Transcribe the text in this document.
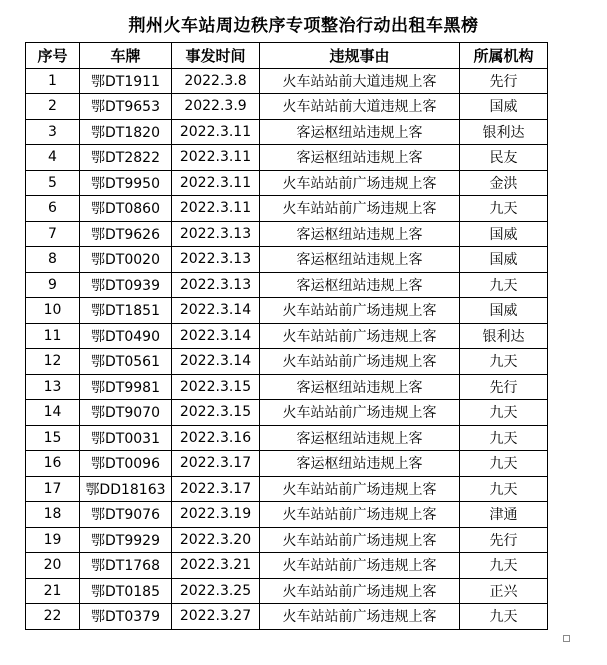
荆州火车站周边秩序专项整治行动出租车黑榜
序号	车牌	事发时间	违规事由	所属机构
1	鄂DT1911	2022.3.8	火车站站前大道违规上客	先行
2	鄂DT9653	2022.3.9	火车站站前大道违规上客	国威
3	鄂DT1820	2022.3.11	客运枢纽站违规上客	银利达
4	鄂DT2822	2022.3.11	客运枢纽站违规上客	民友
5	鄂DT9950	2022.3.11	火车站站前广场违规上客	金洪
6	鄂DT0860	2022.3.11	火车站站前广场违规上客	九天
7	鄂DT9626	2022.3.13	客运枢纽站违规上客	国威
8	鄂DT0020	2022.3.13	客运枢纽站违规上客	国威
9	鄂DT0939	2022.3.13	客运枢纽站违规上客	九天
10	鄂DT1851	2022.3.14	火车站站前广场违规上客	国威
11	鄂DT0490	2022.3.14	火车站站前广场违规上客	银利达
12	鄂DT0561	2022.3.14	火车站站前广场违规上客	九天
13	鄂DT9981	2022.3.15	客运枢纽站违规上客	先行
14	鄂DT9070	2022.3.15	火车站站前广场违规上客	九天
15	鄂DT0031	2022.3.16	客运枢纽站违规上客	九天
16	鄂DT0096	2022.3.17	客运枢纽站违规上客	九天
17	鄂DD18163	2022.3.17	火车站站前广场违规上客	九天
18	鄂DT9076	2022.3.19	火车站站前广场违规上客	津通
19	鄂DT9929	2022.3.20	火车站站前广场违规上客	先行
20	鄂DT1768	2022.3.21	火车站站前广场违规上客	九天
21	鄂DT0185	2022.3.25	火车站站前广场违规上客	正兴
22	鄂DT0379	2022.3.27	火车站站前广场违规上客	九天
